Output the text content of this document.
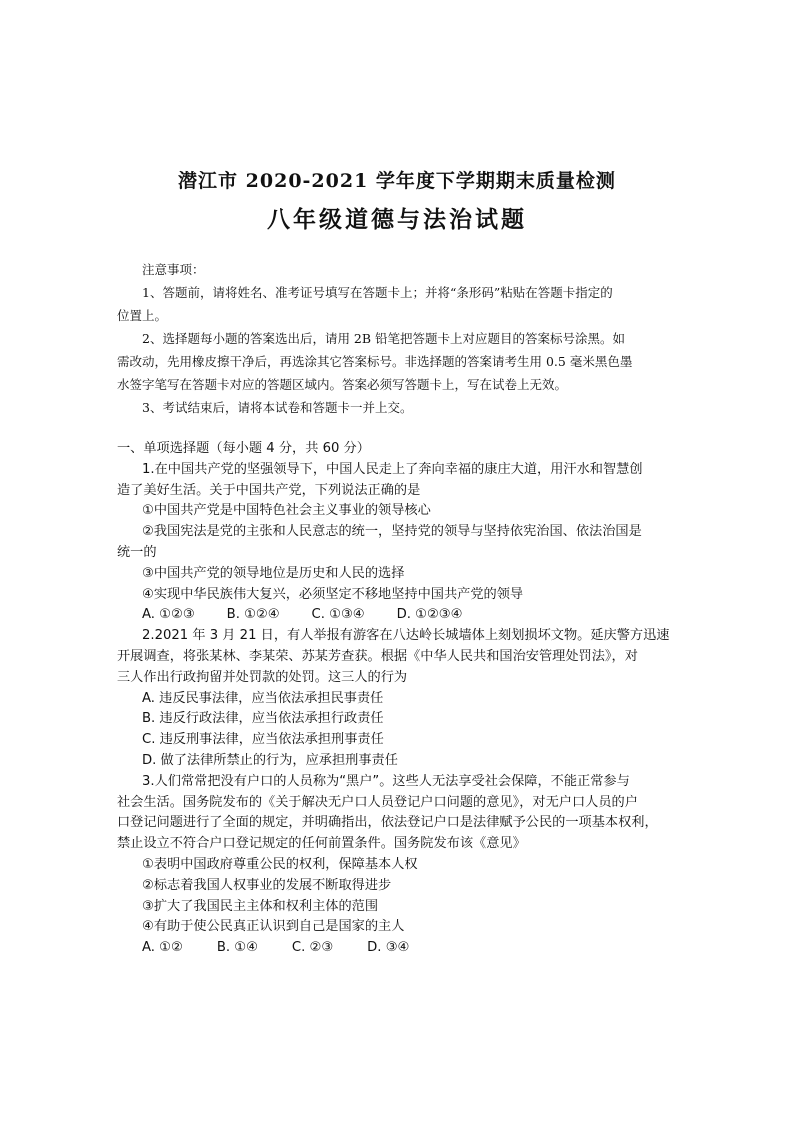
潜江市 2020-2021 学年度下学期期末质量检测
八年级道德与法治试题

注意事项：

1、答题前，请将姓名、准考证号填写在答题卡上；并将“条形码”粘贴在答题卡指定的

位置上。

2、选择题每小题的答案选出后，请用 2B 铅笔把答题卡上对应题目的答案标号涂黑。如

需改动，先用橡皮擦干净后，再选涂其它答案标号。非选择题的答案请考生用 0.5 毫米黑色墨

水签字笔写在答题卡对应的答题区域内。答案必须写答题卡上，写在试卷上无效。

3、考试结束后，请将本试卷和答题卡一并上交。

一、单项选择题（每小题 4 分，共 60 分）

1.在中国共产党的坚强领导下，中国人民走上了奔向幸福的康庄大道，用汗水和智慧创

造了美好生活。关于中国共产党，下列说法正确的是

①中国共产党是中国特色社会主义事业的领导核心

②我国宪法是党的主张和人民意志的统一，坚持党的领导与坚持依宪治国、依法治国是

统一的

③中国共产党的领导地位是历史和人民的选择

④实现中华民族伟大复兴，必须坚定不移地坚持中国共产党的领导

A. ①②③ B. ①②④ C. ①③④ D. ①②③④

2.2021 年 3 月 21 日，有人举报有游客在八达岭长城墙体上刻划损坏文物。延庆警方迅速

开展调查，将张某林、李某荣、苏某芳查获。根据《中华人民共和国治安管理处罚法》，对

三人作出行政拘留并处罚款的处罚。这三人的行为

A. 违反民事法律，应当依法承担民事责任

B. 违反行政法律，应当依法承担行政责任

C. 违反刑事法律，应当依法承担刑事责任

D. 做了法律所禁止的行为，应承担刑事责任

3.人们常常把没有户口的人员称为“黑户”。这些人无法享受社会保障，不能正常参与

社会生活。国务院发布的《关于解决无户口人员登记户口问题的意见》，对无户口人员的户

口登记问题进行了全面的规定，并明确指出，依法登记户口是法律赋予公民的一项基本权利，

禁止设立不符合户口登记规定的任何前置条件。国务院发布该《意见》

①表明中国政府尊重公民的权利，保障基本人权

②标志着我国人权事业的发展不断取得进步

③扩大了我国民主主体和权利主体的范围

④有助于使公民真正认识到自己是国家的主人

A. ①②	B. ①④	C. ②③	D. ③④
